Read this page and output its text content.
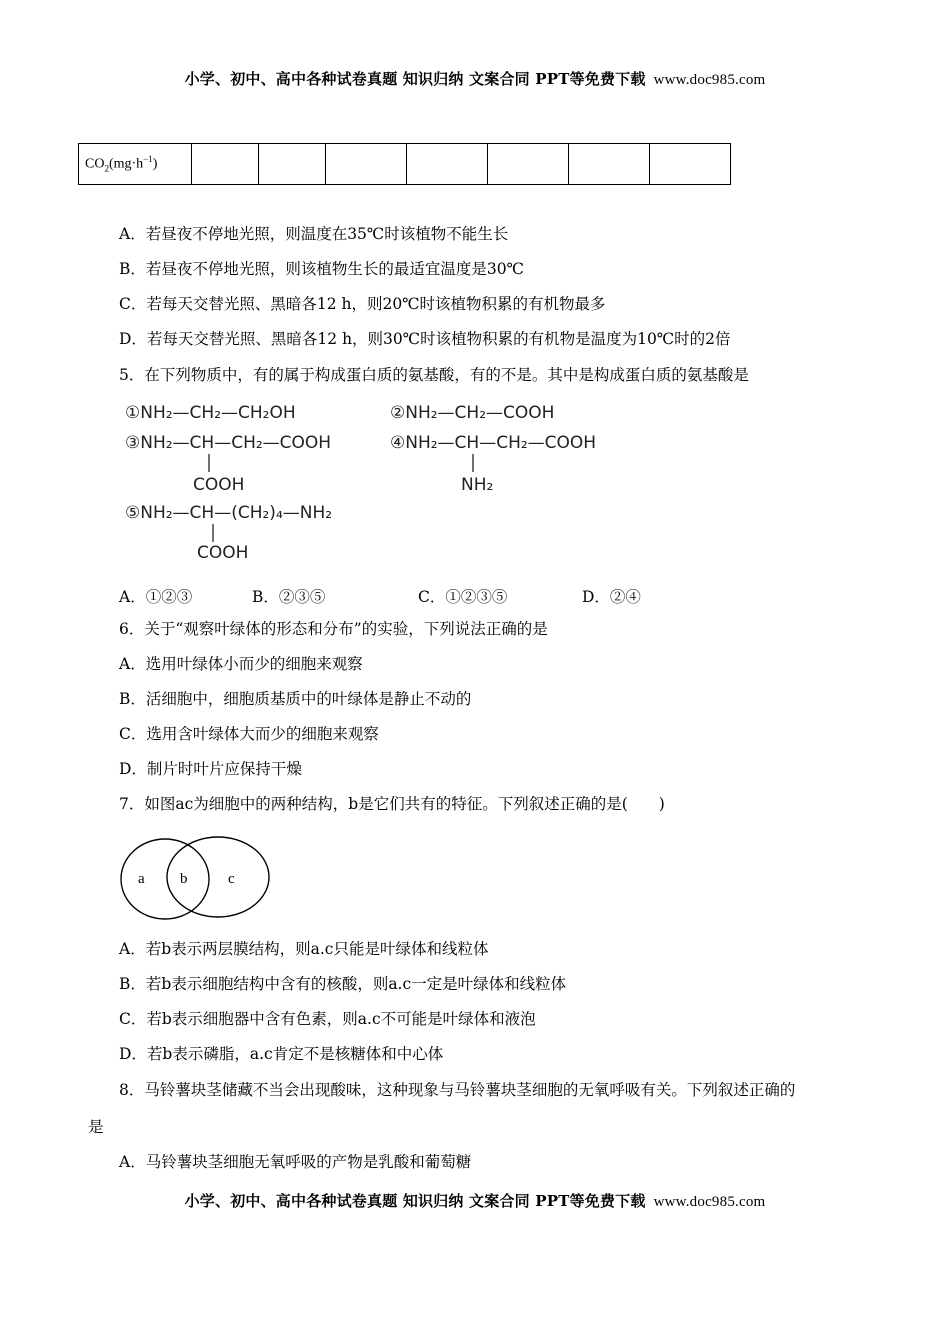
小学、初中、高中各种试卷真题 知识归纳 文案合同 PPT等免费下载 www.doc985.com
$CO_2(mg\cdot h^{-1})$							
A．若昼夜不停地光照，则温度在35℃时该植物不能生长
B．若昼夜不停地光照，则该植物生长的最适宜温度是30℃
C．若每天交替光照、黑暗各12 h，则20℃时该植物积累的有机物最多
D．若每天交替光照、黑暗各12 h，则30℃时该植物积累的有机物是温度为10℃时的2倍
5．在下列物质中，有的属于构成蛋白质的氨基酸，有的不是。其中是构成蛋白质的氨基酸是
①NH₂—CH₂—CH₂OH	②NH₂—CH₂—COOH
③NH₂—CH—CH₂—COOH
COOH
④NH₂—CH—CH₂—COOH
NH₂
⑤NH₂—CH—(CH₂)₄—NH₂
COOH
A．①②③	B．②③⑤	C．①②③⑤	D．②④
6．关于“观察叶绿体的形态和分布”的实验，下列说法正确的是
A．选用叶绿体小而少的细胞来观察
B．活细胞中，细胞质基质中的叶绿体是静止不动的
C．选用含叶绿体大而少的细胞来观察
D．制片时叶片应保持干燥
7．如图ac为细胞中的两种结构，b是它们共有的特征。下列叙述正确的是(　　)
a b	c
A．若b表示两层膜结构，则a.c只能是叶绿体和线粒体
B．若b表示细胞结构中含有的核酸，则a.c一定是叶绿体和线粒体
C．若b表示细胞器中含有色素，则a.c不可能是叶绿体和液泡
D．若b表示磷脂，a.c肯定不是核糖体和中心体
8．马铃薯块茎储藏不当会出现酸味，这种现象与马铃薯块茎细胞的无氧呼吸有关。下列叙述正确的
是
A．马铃薯块茎细胞无氧呼吸的产物是乳酸和葡萄糖
小学、初中、高中各种试卷真题 知识归纳 文案合同 PPT等免费下载 www.doc985.com
